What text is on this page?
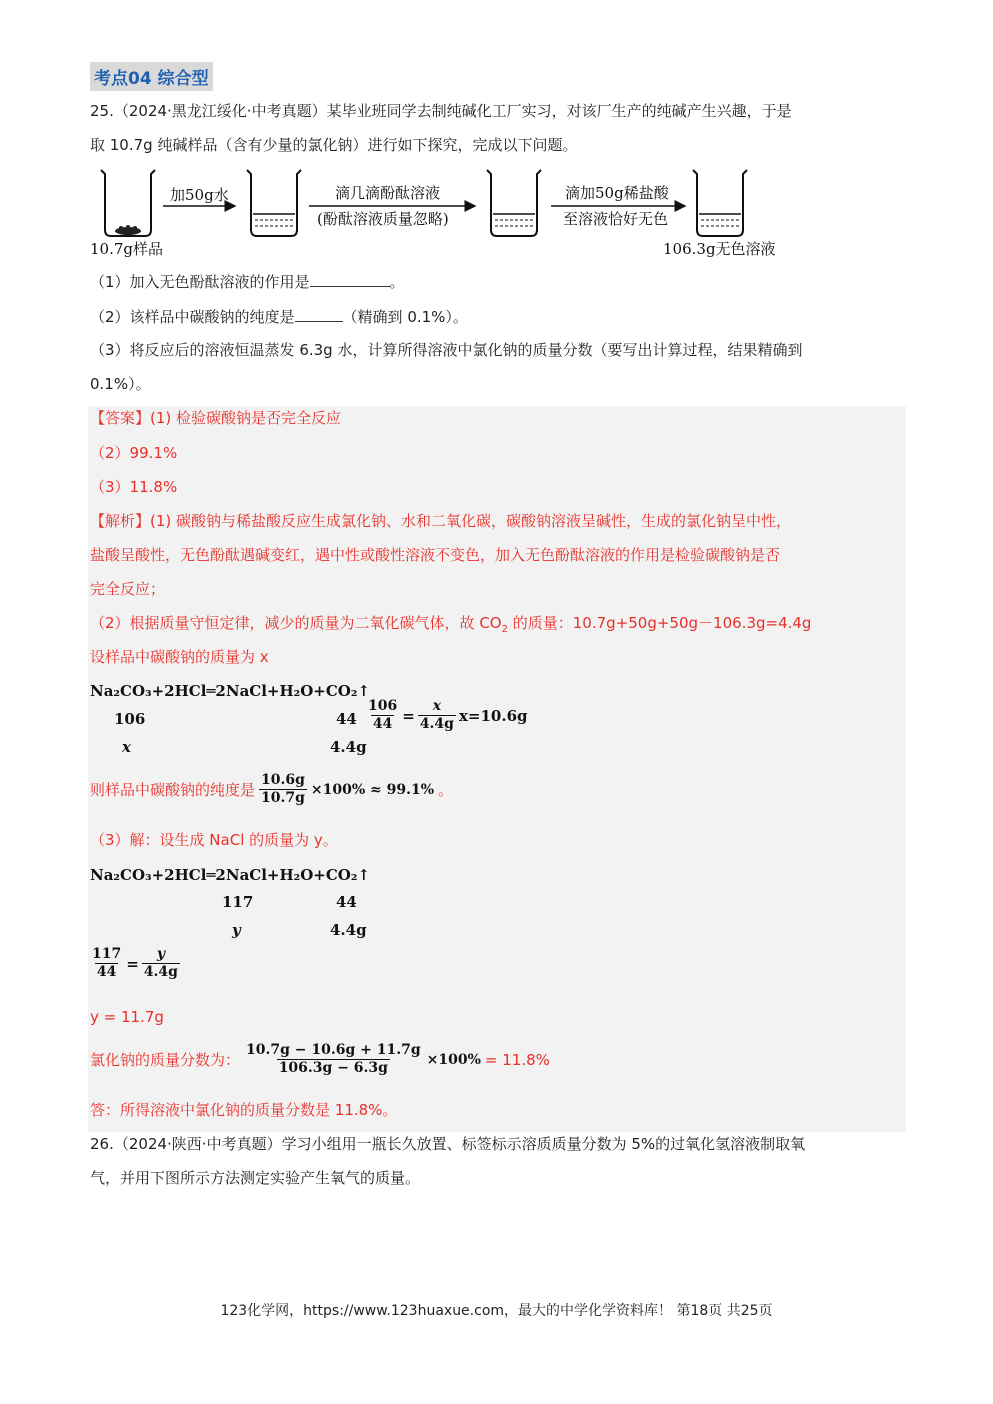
考点04 综合型
25.（2024·黑龙江绥化·中考真题）某毕业班同学去制纯碱化工厂实习，对该厂生产的纯碱产生兴趣，于是
取 10.7g 纯碱样品（含有少量的氯化钠）进行如下探究，完成以下问题。
加50g水	滴几滴酚酞溶液
(酚酞溶液质量忽略)
滴加50g稀盐酸
至溶液恰好无色
10.7g样品	106.3g无色溶液
（1）加入无色酚酞溶液的作用是	。
（2）该样品中碳酸钠的纯度是	（精确到 0.1%）。
（3）将反应后的溶液恒温蒸发 6.3g 水，计算所得溶液中氯化钠的质量分数（要写出计算过程，结果精确到
0.1%）。
【答案】(1) 检验碳酸钠是否完全反应
（2）99.1%
（3）11.8%
【解析】(1) 碳酸钠与稀盐酸反应生成氯化钠、水和二氧化碳，碳酸钠溶液呈碱性，生成的氯化钠呈中性，
盐酸呈酸性，无色酚酞遇碱变红，遇中性或酸性溶液不变色，加入无色酚酞溶液的作用是检验碳酸钠是否
完全反应；
（2）根据质量守恒定律，减少的质量为二氧化碳气体，故 $CO_2$ 的质量：10.7g+50g+50g－106.3g=4.4g
设样品中碳酸钠的质量为 x
Na₂CO₃+2HCl═2NaCl+H₂O+CO₂↑
106	44
x	4.4g
$\frac{106}{44} = \frac{x}{4.4g} x=10.6g$
则样品中碳酸钠的纯度是 $\frac{10.6g}{10.7g} \times 100\% \approx 99.1\%$ 。
（3）解：设生成 NaCl 的质量为 y。
Na₂CO₃+2HCl═2NaCl+H₂O+CO₂↑
117	44
y	4.4g
$\frac{117}{44} = \frac{y}{4.4g}$
y = 11.7g
氯化钠的质量分数为： $\frac{10.7g - 10.6g + 11.7g}{106.3g - 6.3g} \times 100\% = 11.8\%$
答：所得溶液中氯化钠的质量分数是 11.8%。
26.（2024·陕西·中考真题）学习小组用一瓶长久放置、标签标示溶质质量分数为 5%的过氧化氢溶液制取氧
气，并用下图所示方法测定实验产生氧气的质量。
123化学网，https://www.123huaxue.com，最大的中学化学资料库！ 第18页 共25页
